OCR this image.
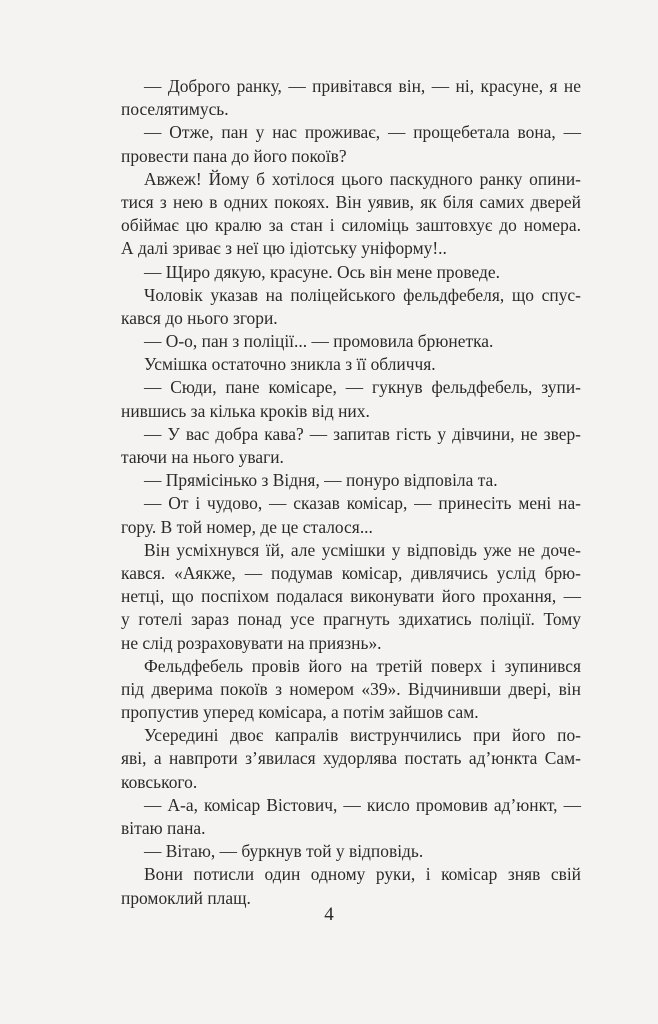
— Доброго ранку, — привітався він, — ні, красуне, я не
поселятимусь.
— Отже, пан у нас проживає, — прощебетала вона, —
провести пана до його покоїв?
Авжеж! Йому б хотілося цього паскудного ранку опини-
тися з нею в одних покоях. Він уявив, як біля самих дверей
обіймає цю кралю за стан і силоміць заштовхує до номера.
А далі зриває з неї цю ідіотську уніформу!..
— Щиро дякую, красуне. Ось він мене проведе.
Чоловік указав на поліцейського фельдфебеля, що спус-
кався до нього згори.
— О-о, пан з поліції... — промовила брюнетка.
Усмішка остаточно зникла з її обличчя.
— Сюди, пане комісаре, — гукнув фельдфебель, зупи-
нившись за кілька кроків від них.
— У вас добра кава? — запитав гість у дівчини, не звер-
таючи на нього уваги.
— Прямісінько з Відня, — понуро відповіла та.
— От і чудово, — сказав комісар, — принесіть мені на-
гору. В той номер, де це сталося...
Він усміхнувся їй, але усмішки у відповідь уже не доче-
кався. «Аякже, — подумав комісар, дивлячись услід брю-
нетці, що поспіхом подалася виконувати його прохання, —
у готелі зараз понад усе прагнуть здихатись поліції. Тому
не слід розраховувати на приязнь».
Фельдфебель провів його на третій поверх і зупинився
під дверима покоїв з номером «39». Відчинивши двері, він
пропустив уперед комісара, а потім зайшов сам.
Усередині двоє капралів виструнчились при його по-
яві, а навпроти з’явилася худорлява постать ад’юнкта Сам-
ковського.
— А-а, комісар Вістович, — кисло промовив ад’юнкт, —
вітаю пана.
— Вітаю, — буркнув той у відповідь.
Вони потисли один одному руки, і комісар зняв свій
промоклий плащ.
4
